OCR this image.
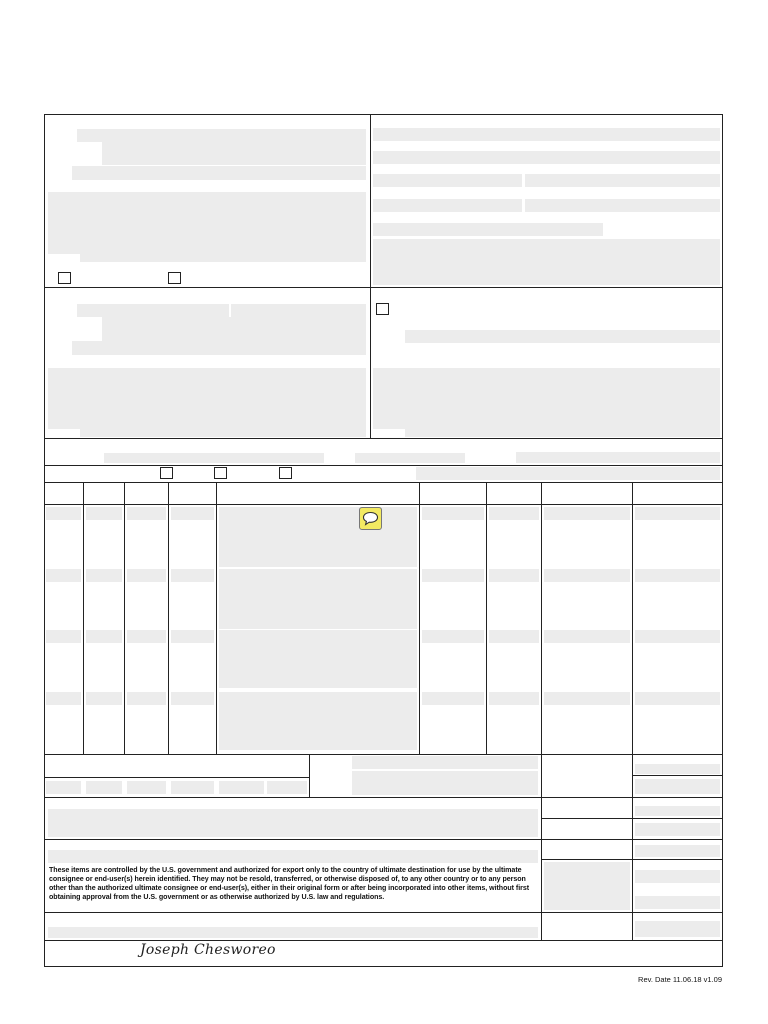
These items are controlled by the U.S. government and authorized for export only to the country of ultimate destination for use by the ultimate consignee or end-user(s) herein identified. They may not be resold, transferred, or otherwise disposed of, to any other country or to any person other than the authorized ultimate consignee or end-user(s), either in their original form or after being incorporated into other items, without first obtaining approval from the U.S. government or as otherwise authorized by U.S. law and regulations.
Joseph Chesworeo
Rev. Date 11.06.18 v1.09
